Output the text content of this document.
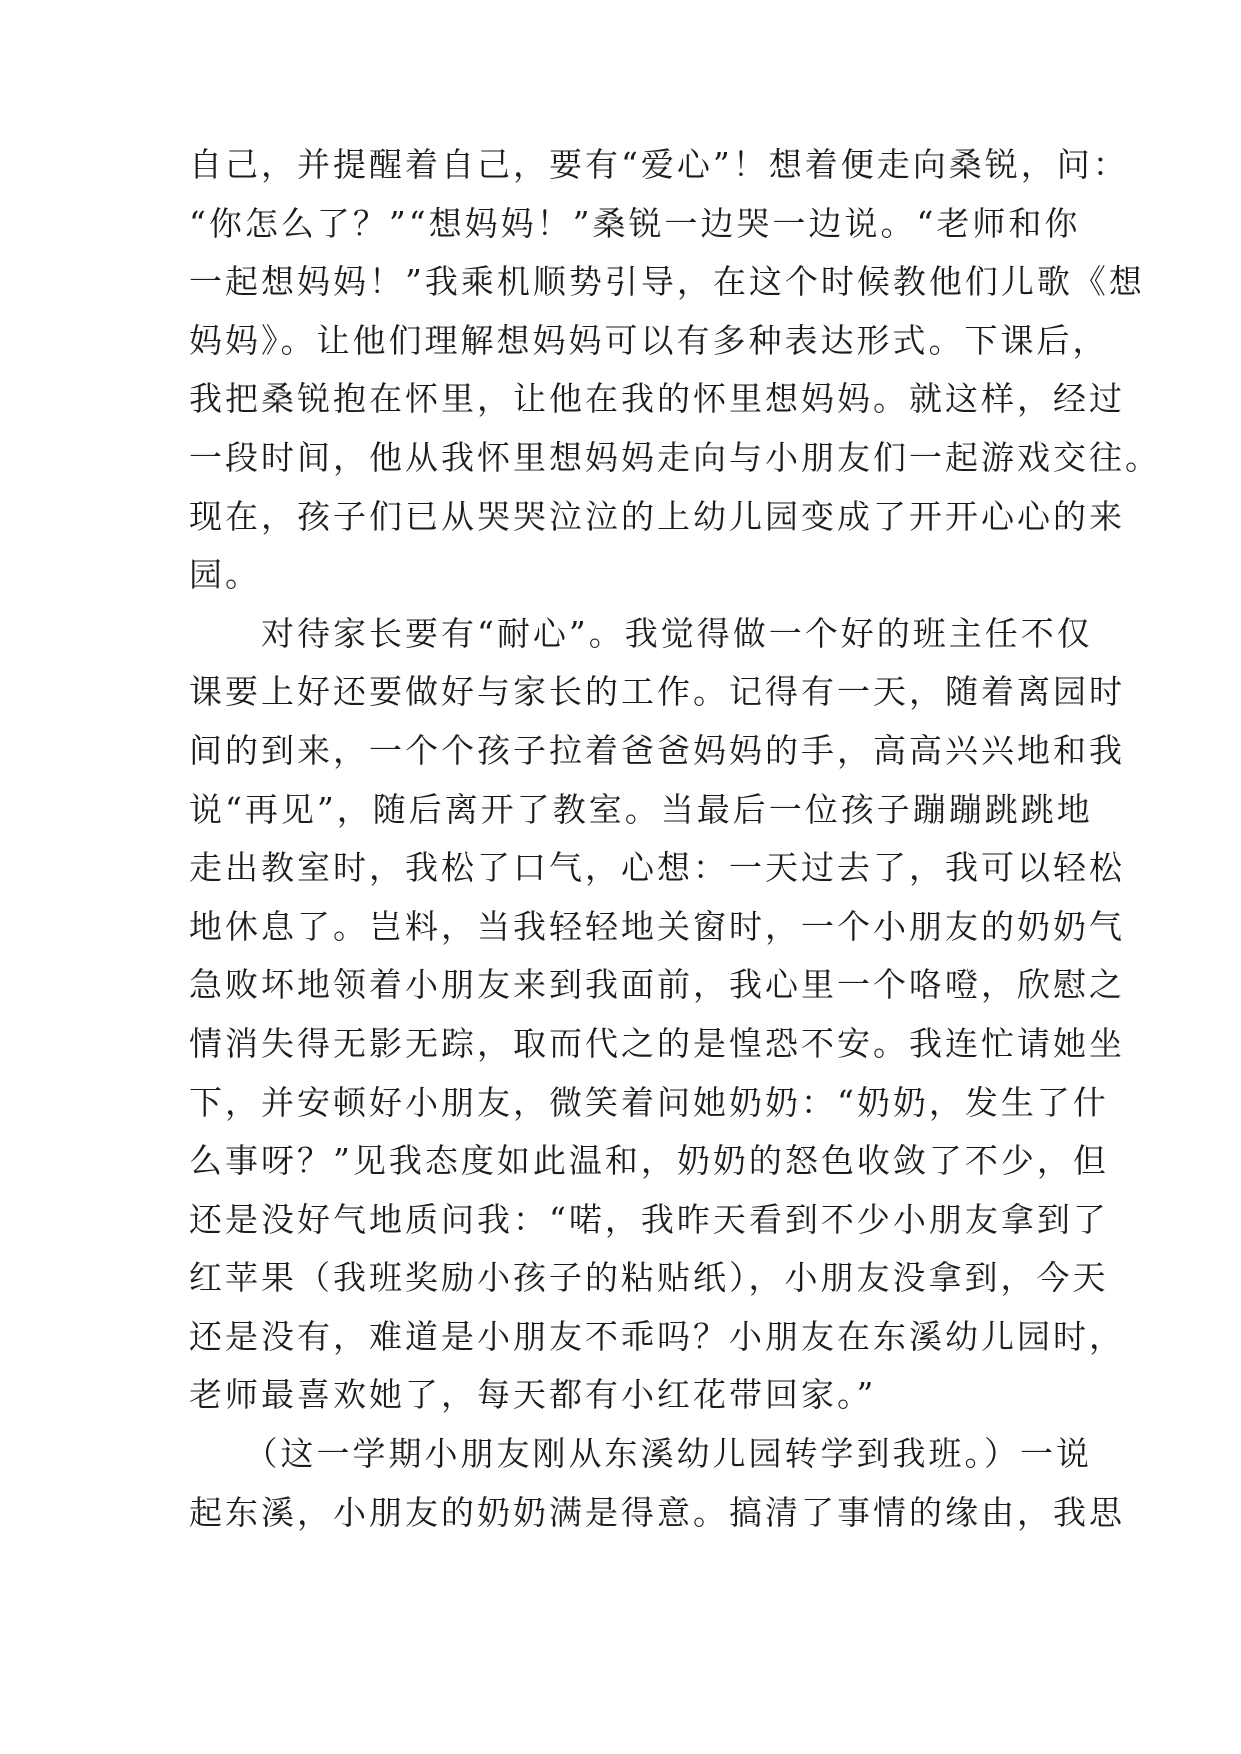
自己，并提醒着自己，要有“爱心”！想着便走向桑锐，问：
“你怎么了？”“想妈妈！”桑锐一边哭一边说。“老师和你
一起想妈妈！”我乘机顺势引导，在这个时候教他们儿歌《想
妈妈》。让他们理解想妈妈可以有多种表达形式。下课后，
我把桑锐抱在怀里，让他在我的怀里想妈妈。就这样，经过
一段时间，他从我怀里想妈妈走向与小朋友们一起游戏交往。
现在，孩子们已从哭哭泣泣的上幼儿园变成了开开心心的来
园。
　　对待家长要有“耐心”。我觉得做一个好的班主任不仅
课要上好还要做好与家长的工作。记得有一天，随着离园时
间的到来，一个个孩子拉着爸爸妈妈的手，高高兴兴地和我
说“再见”，随后离开了教室。当最后一位孩子蹦蹦跳跳地
走出教室时，我松了口气，心想：一天过去了，我可以轻松
地休息了。岂料，当我轻轻地关窗时，一个小朋友的奶奶气
急败坏地领着小朋友来到我面前，我心里一个咯噔，欣慰之
情消失得无影无踪，取而代之的是惶恐不安。我连忙请她坐
下，并安顿好小朋友，微笑着问她奶奶：“奶奶，发生了什
么事呀？”见我态度如此温和，奶奶的怒色收敛了不少，但
还是没好气地质问我：“喏，我昨天看到不少小朋友拿到了
红苹果（我班奖励小孩子的粘贴纸），小朋友没拿到，今天
还是没有，难道是小朋友不乖吗？小朋友在东溪幼儿园时，
老师最喜欢她了，每天都有小红花带回家。”
　　（这一学期小朋友刚从东溪幼儿园转学到我班。）一说
起东溪，小朋友的奶奶满是得意。搞清了事情的缘由，我思
